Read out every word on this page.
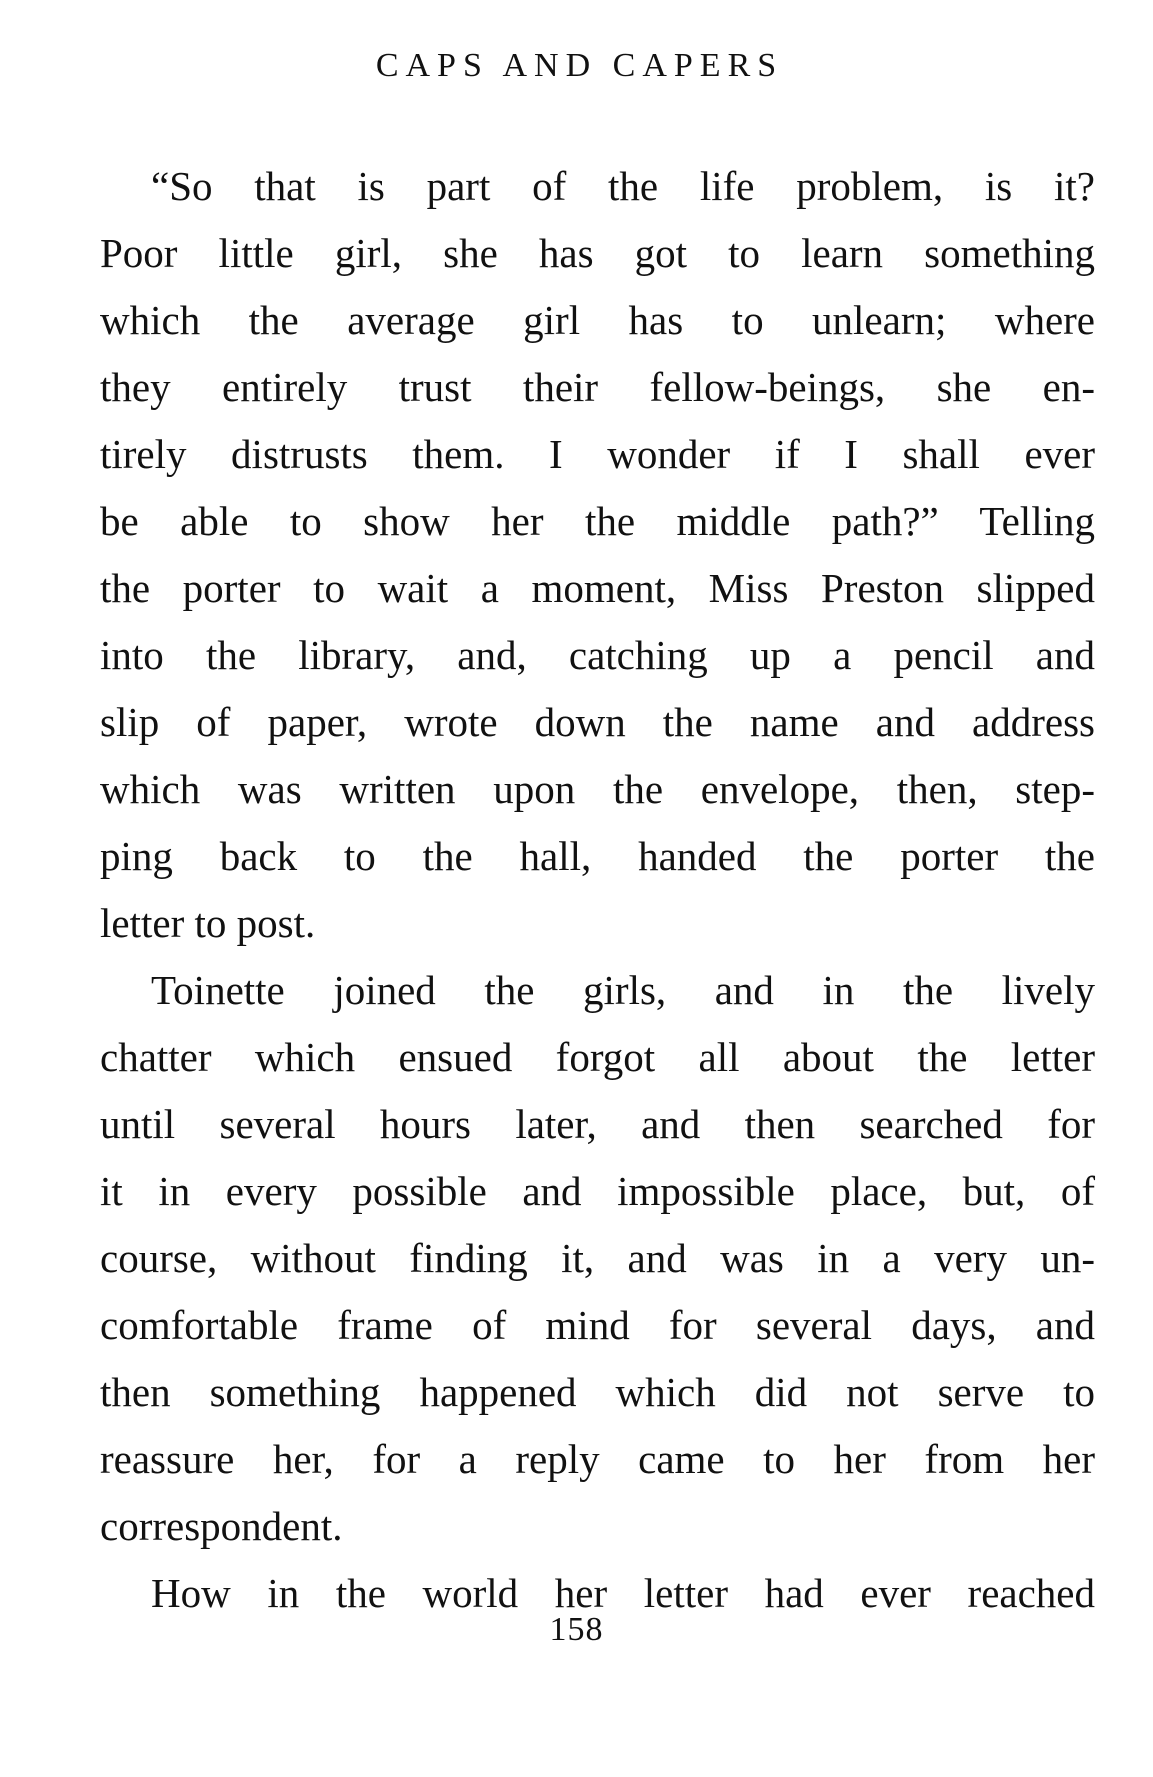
CAPS AND CAPERS
“So that is part of the life problem, is it?
Poor little girl, she has got to learn something
which the average girl has to unlearn; where
they entirely trust their fellow-beings, she en-
tirely distrusts them. I wonder if I shall ever
be able to show her the middle path?” Telling
the porter to wait a moment, Miss Preston slipped
into the library, and, catching up a pencil and
slip of paper, wrote down the name and address
which was written upon the envelope, then, step-
ping back to the hall, handed the porter the
letter to post.
Toinette joined the girls, and in the lively
chatter which ensued forgot all about the letter
until several hours later, and then searched for
it in every possible and impossible place, but, of
course, without finding it, and was in a very un-
comfortable frame of mind for several days, and
then something happened which did not serve to
reassure her, for a reply came to her from her
correspondent.
How in the world her letter had ever reached
158
